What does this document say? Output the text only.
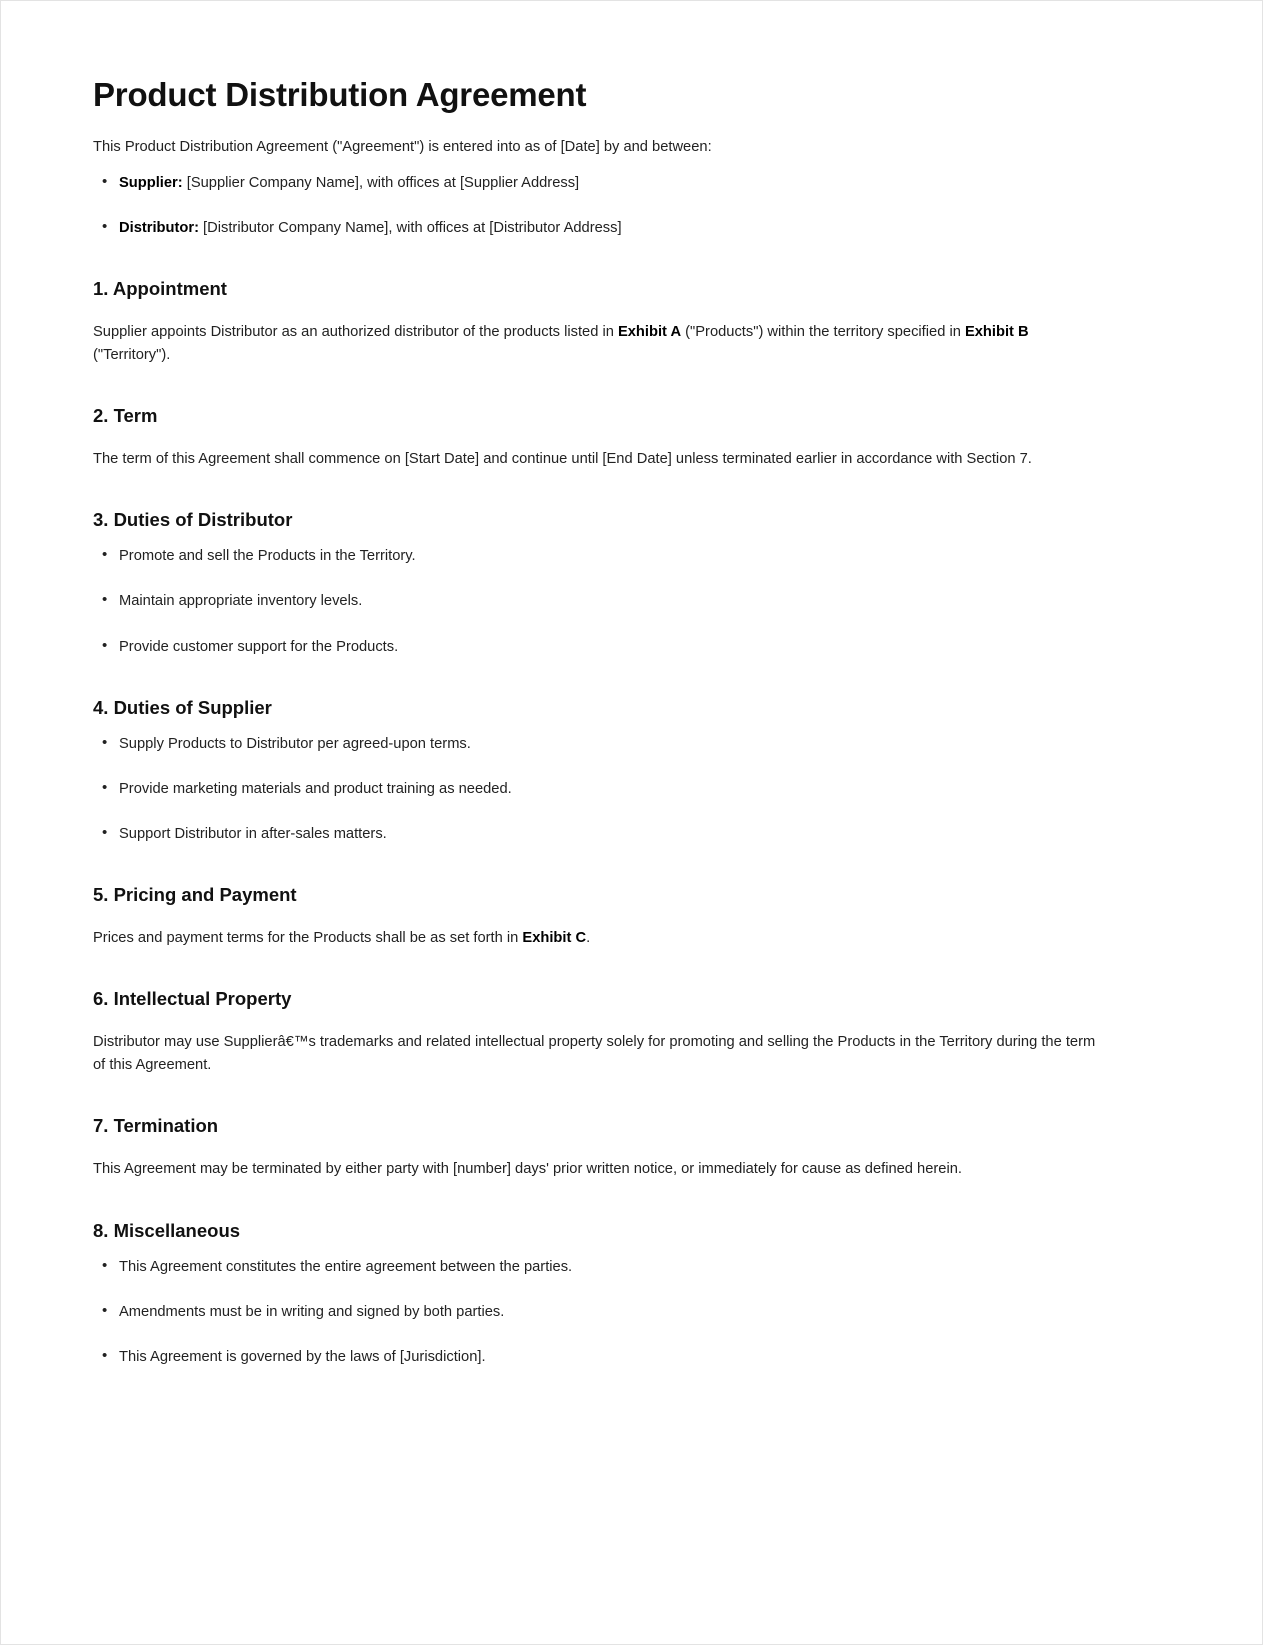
Product Distribution Agreement

This Product Distribution Agreement ("Agreement") is entered into as of [Date] by and between:

• Supplier: [Supplier Company Name], with offices at [Supplier Address]
• Distributor: [Distributor Company Name], with offices at [Distributor Address]
1. Appointment

Supplier appoints Distributor as an authorized distributor of the products listed in Exhibit A ("Products") within the territory specified in Exhibit B ("Territory").

2. Term

The term of this Agreement shall commence on [Start Date] and continue until [End Date] unless terminated earlier in accordance with Section 7.

3. Duties of Distributor
• Promote and sell the Products in the Territory.
• Maintain appropriate inventory levels.
• Provide customer support for the Products.
4. Duties of Supplier
• Supply Products to Distributor per agreed-upon terms.
• Provide marketing materials and product training as needed.
• Support Distributor in after-sales matters.
5. Pricing and Payment

Prices and payment terms for the Products shall be as set forth in Exhibit C.

6. Intellectual Property

Distributor may use Supplierâ€™s trademarks and related intellectual property solely for promoting and selling the Products in the Territory during the term of this Agreement.

7. Termination

This Agreement may be terminated by either party with [number] days' prior written notice, or immediately for cause as defined herein.

8. Miscellaneous
• This Agreement constitutes the entire agreement between the parties.
• Amendments must be in writing and signed by both parties.
• This Agreement is governed by the laws of [Jurisdiction].
